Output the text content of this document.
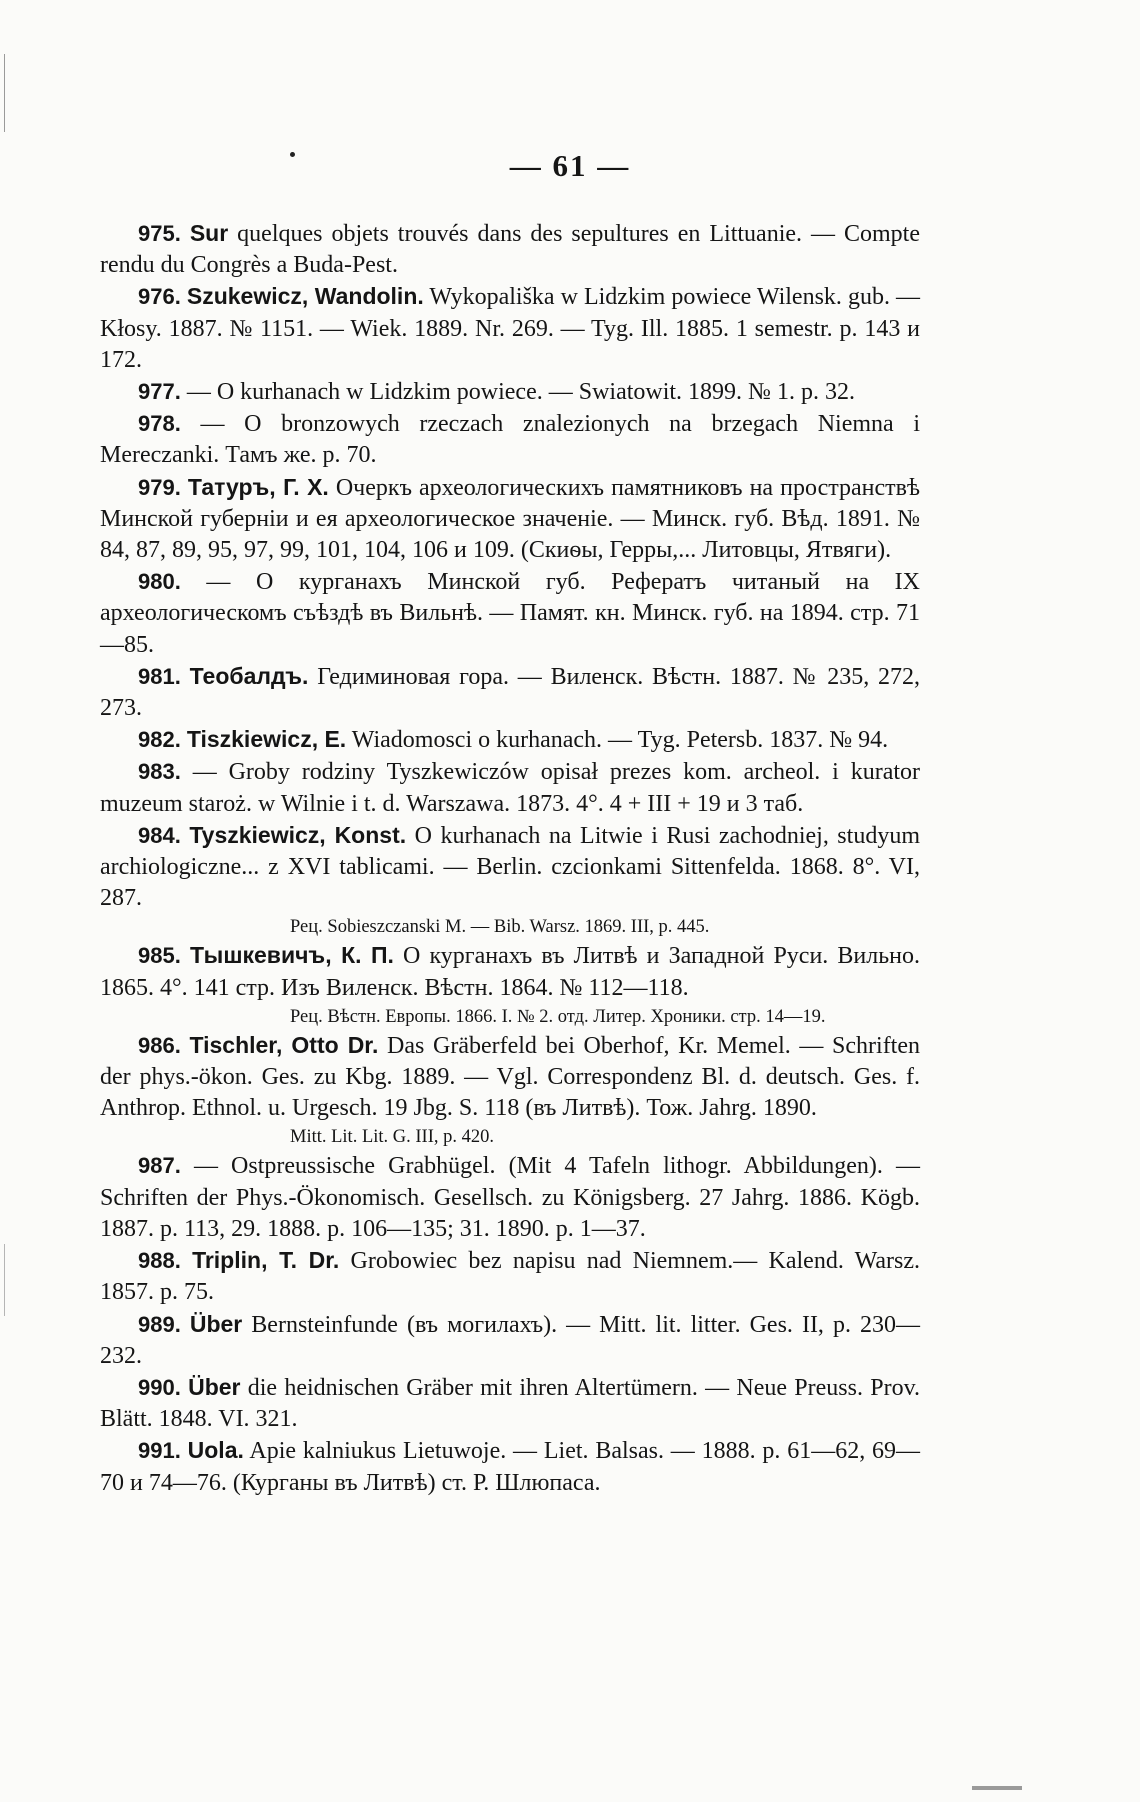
— 61 —

975. Sur quelques objets trouvés dans des sepultures en Littuanie. — Compte rendu du Congrès a Buda-Pest.

976. Szukewicz, Wandolin. Wykopališka w Lidzkim powiece Wilensk. gub. — Kłosy. 1887. № 1151. — Wiek. 1889. Nr. 269. — Tyg. Ill. 1885. 1 semestr. p. 143 и 172.

977. — O kurhanach w Lidzkim powiece. — Swiatowit. 1899. № 1. p. 32.

978. — O bronzowych rzeczach znalezionych na brzegach Niemna i Mereczanki. Тамъ же. p. 70.

979. Татуръ, Г. Х. Очеркъ археологическихъ памятниковъ на пространствѣ Минской губерніи и ея археологическое значеніе. — Минск. губ. Вѣд. 1891. № 84, 87, 89, 95, 97, 99, 101, 104, 106 и 109. (Скиѳы, Герры,... Литовцы, Ятвяги).

980. — О курганахъ Минской губ. Рефератъ читаный на IX археологическомъ съѣздѣ въ Вильнѣ. — Памят. кн. Минск. губ. на 1894. стр. 71—85.

981. Теобалдъ. Гедиминовая гора. — Виленск. Вѣстн. 1887. № 235, 272, 273.

982. Tiszkiewicz, E. Wiadomosci o kurhanach. — Tyg. Petersb. 1837. № 94.

983. — Groby rodziny Tyszkewiczów opisał prezes kom. archeol. i kurator muzeum staroż. w Wilnie i t. d. Warszawa. 1873. 4°. 4 + III + 19 и 3 таб.

984. Tyszkiewicz, Konst. O kurhanach na Litwie i Rusi zachodniej, studyum archiologiczne... z XVI tablicami. — Berlin. czcionkami Sittenfelda. 1868. 8°. VI, 287.

Рец. Sobieszczanski M. — Bib. Warsz. 1869. III, p. 445.

985. Тышкевичъ, К. П. О курганахъ въ Литвѣ и Западной Руси. Вильно. 1865. 4°. 141 стр. Изъ Виленск. Вѣстн. 1864. № 112—118.

Рец. Вѣстн. Европы. 1866. I. № 2. отд. Литер. Хроники. стр. 14—19.

986. Tischler, Otto Dr. Das Gräberfeld bei Oberhof, Kr. Memel. — Schriften der phys.-ökon. Ges. zu Kbg. 1889. — Vgl. Correspondenz Bl. d. deutsch. Ges. f. Anthrop. Ethnol. u. Urgesch. 19 Jbg. S. 118 (въ Литвѣ). Тож. Jahrg. 1890.

Mitt. Lit. Lit. G. III, p. 420.

987. — Ostpreussische Grabhügel. (Mit 4 Tafeln lithogr. Abbildungen). — Schriften der Phys.-Ökonomisch. Gesellsch. zu Königsberg. 27 Jahrg. 1886. Kögb. 1887. p. 113, 29. 1888. p. 106—135; 31. 1890. p. 1—37.

988. Triplin, T. Dr. Grobowiec bez napisu nad Niemnem.— Kalend. Warsz. 1857. p. 75.

989. Über Bernsteinfunde (въ могилахъ). — Mitt. lit. litter. Ges. II, p. 230—232.

990. Über die heidnischen Gräber mit ihren Altertümern. — Neue Preuss. Prov. Blätt. 1848. VI. 321.

991. Uola. Apie kalniukus Lietuwoje. — Liet. Balsas. — 1888. p. 61—62, 69—70 и 74—76. (Курганы въ Литвѣ) ст. Р. Шлюпаса.
